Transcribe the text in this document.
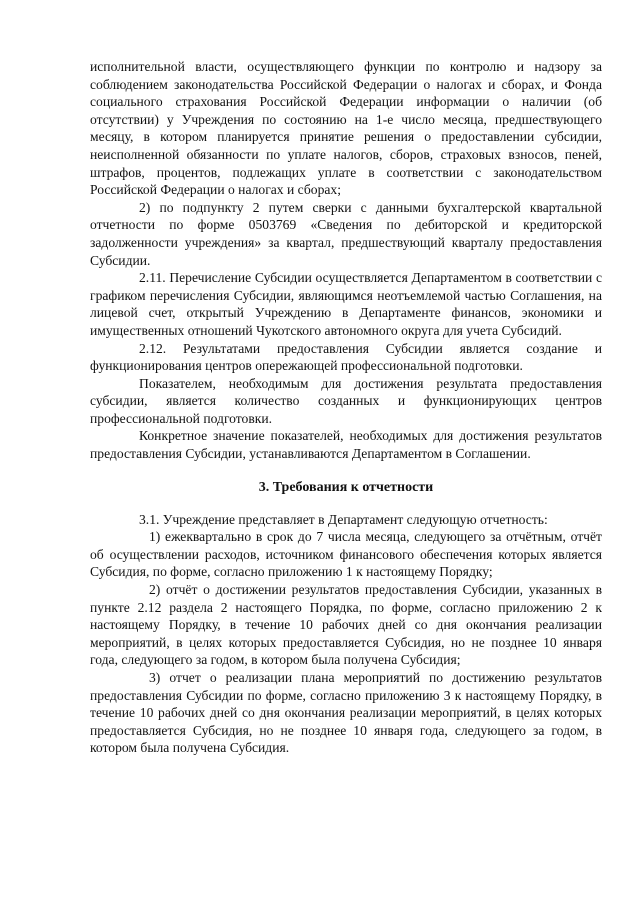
исполнительной власти, осуществляющего функции по контролю и надзору за соблюдением законодательства Российской Федерации о налогах и сборах, и Фонда социального страхования Российской Федерации информации о наличии (об отсутствии) у Учреждения по состоянию на 1-е число месяца, предшествующего месяцу, в котором планируется принятие решения о предоставлении субсидии, неисполненной обязанности по уплате налогов, сборов, страховых взносов, пеней, штрафов, процентов, подлежащих уплате в соответствии с законодательством Российской Федерации о налогах и сборах;

2) по подпункту 2 путем сверки с данными бухгалтерской квартальной отчетности по форме 0503769 «Сведения по дебиторской и кредиторской задолженности учреждения» за квартал, предшествующий кварталу предоставления Субсидии.

2.11. Перечисление Субсидии осуществляется Департаментом в соответствии с графиком перечисления Субсидии, являющимся неотъемлемой частью Соглашения, на лицевой счет, открытый Учреждению в Департаменте финансов, экономики и имущественных отношений Чукотского автономного округа для учета Субсидий.

2.12. Результатами предоставления Субсидии является создание и функционирования центров опережающей профессиональной подготовки.

Показателем, необходимым для достижения результата предоставления субсидии, является количество созданных и функционирующих центров профессиональной подготовки.

Конкретное значение показателей, необходимых для достижения результатов предоставления Субсидии, устанавливаются Департаментом в Соглашении.

3. Требования к отчетности

3.1. Учреждение представляет в Департамент следующую отчетность:

1) ежеквартально в срок до 7 числа месяца, следующего за отчётным, отчёт об осуществлении расходов, источником финансового обеспечения которых является Субсидия, по форме, согласно приложению 1 к настоящему Порядку;

2) отчёт о достижении результатов предоставления Субсидии, указанных в пункте 2.12 раздела 2 настоящего Порядка, по форме, согласно приложению 2 к настоящему Порядку, в течение 10 рабочих дней со дня окончания реализации мероприятий, в целях которых предоставляется Субсидия, но не позднее 10 января года, следующего за годом, в котором была получена Субсидия;

3) отчет о реализации плана мероприятий по достижению результатов предоставления Субсидии по форме, согласно приложению 3 к настоящему Порядку, в течение 10 рабочих дней со дня окончания реализации мероприятий, в целях которых предоставляется Субсидия, но не позднее 10 января года, следующего за годом, в котором была получена Субсидия.
